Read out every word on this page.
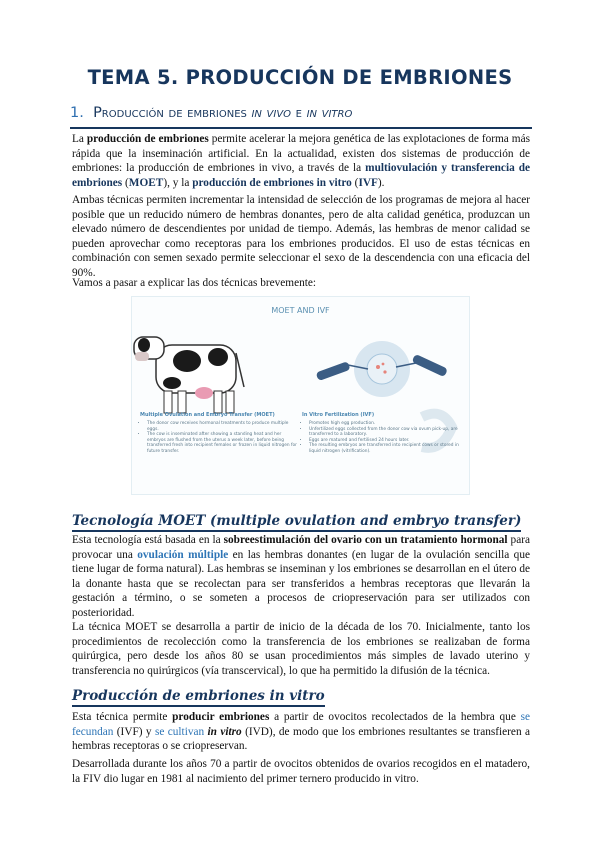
TEMA 5. PRODUCCIÓN DE EMBRIONES
1. Producción de embriones in vivo e in vitro

La producción de embriones permite acelerar la mejora genética de las explotaciones de forma más rápida que la inseminación artificial. En la actualidad, existen dos sistemas de producción de embriones: la producción de embriones in vivo, a través de la multiovulación y transferencia de embriones (MOET), y la producción de embriones in vitro (IVF).

Ambas técnicas permiten incrementar la intensidad de selección de los programas de mejora al hacer posible que un reducido número de hembras donantes, pero de alta calidad genética, produzcan un elevado número de descendientes por unidad de tiempo. Además, las hembras de menor calidad se pueden aprovechar como receptoras para los embriones producidos. El uso de estas técnicas en combinación con semen sexado permite seleccionar el sexo de la descendencia con una eficacia del 90%.

Vamos a pasar a explicar las dos técnicas brevemente:

MOET AND IVF
Multiple Ovulation and Embryo Transfer (MOET)
• The donor cow receives hormonal treatments to produce multiple eggs.
• The cow is inseminated after showing a standing heat and her embryos are flushed from the uterus a week later, before being transferred fresh into recipient females or frozen in liquid nitrogen for future transfer.
In Vitro Fertilization (IVF)
• Promotes high egg production.
• Unfertilized eggs collected from the donor cow via ovum pick-up, are transferred to a laboratory.
• Eggs are matured and fertilised 24 hours later.
• The resulting embryos are transferred into recipient cows or stored in liquid nitrogen (vitrification).
Tecnología MOET (multiple ovulation and embryo transfer)

Esta tecnología está basada en la sobreestimulación del ovario con un tratamiento hormonal para provocar una ovulación múltiple en las hembras donantes (en lugar de la ovulación sencilla que tiene lugar de forma natural). Las hembras se inseminan y los embriones se desarrollan en el útero de la donante hasta que se recolectan para ser transferidos a hembras receptoras que llevarán la gestación a término, o se someten a procesos de criopreservación para ser utilizados con posterioridad.

La técnica MOET se desarrolla a partir de inicio de la década de los 70. Inicialmente, tanto los procedimientos de recolección como la transferencia de los embriones se realizaban de forma quirúrgica, pero desde los años 80 se usan procedimientos más simples de lavado uterino y transferencia no quirúrgicos (vía transcervical), lo que ha permitido la difusión de la técnica.

Producción de embriones in vitro

Esta técnica permite producir embriones a partir de ovocitos recolectados de la hembra que se fecundan (IVF) y se cultivan in vitro (IVD), de modo que los embriones resultantes se transfieren a hembras receptoras o se criopreservan.

Desarrollada durante los años 70 a partir de ovocitos obtenidos de ovarios recogidos en el matadero, la FIV dio lugar en 1981 al nacimiento del primer ternero producido in vitro.
